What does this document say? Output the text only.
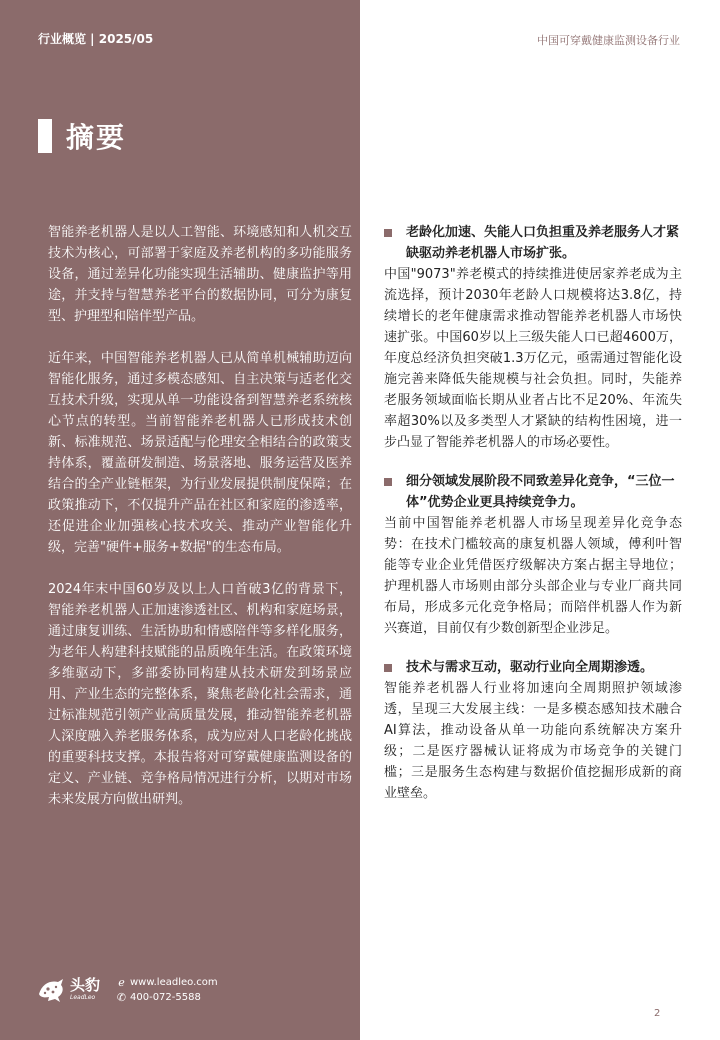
行业概览 | 2025/05
摘要

智能养老机器人是以人工智能、环境感知和人机交互技术为核心，可部署于家庭及养老机构的多功能服务设备，通过差异化功能实现生活辅助、健康监护等用途，并支持与智慧养老平台的数据协同，可分为康复型、护理型和陪伴型产品。

近年来，中国智能养老机器人已从简单机械辅助迈向智能化服务，通过多模态感知、自主决策与适老化交互技术升级，实现从单一功能设备到智慧养老系统核心节点的转型。当前智能养老机器人已形成技术创新、标准规范、场景适配与伦理安全相结合的政策支持体系，覆盖研发制造、场景落地、服务运营及医养结合的全产业链框架，为行业发展提供制度保障；在政策推动下，不仅提升产品在社区和家庭的渗透率，还促进企业加强核心技术攻关、推动产业智能化升级，完善"硬件+服务+数据"的生态布局。

2024年末中国60岁及以上人口首破3亿的背景下，智能养老机器人正加速渗透社区、机构和家庭场景，通过康复训练、生活协助和情感陪伴等多样化服务，为老年人构建科技赋能的品质晚年生活。在政策环境多维驱动下，多部委协同构建从技术研发到场景应用、产业生态的完整体系，聚焦老龄化社会需求，通过标准规范引领产业高质量发展，推动智能养老机器人深度融入养老服务体系，成为应对人口老龄化挑战的重要科技支撑。本报告将对可穿戴健康监测设备的定义、产业链、竞争格局情况进行分析，以期对市场未来发展方向做出研判。

头豹
LeadLeo
ℯ www.leadleo.com
✆ 400-072-5588
中国可穿戴健康监测设备行业
老龄化加速、失能人口负担重及养老服务人才紧缺驱动养老机器人市场扩张。
中国"9073"养老模式的持续推进使居家养老成为主流选择，预计2030年老龄人口规模将达3.8亿，持续增长的老年健康需求推动智能养老机器人市场快速扩张。中国60岁以上三级失能人口已超4600万，年度总经济负担突破1.3万亿元，亟需通过智能化设施完善来降低失能规模与社会负担。同时，失能养老服务领域面临长期从业者占比不足20%、年流失率超30%以及多类型人才紧缺的结构性困境，进一步凸显了智能养老机器人的市场必要性。
细分领域发展阶段不同致差异化竞争，“三位一体”优势企业更具持续竞争力。
当前中国智能养老机器人市场呈现差异化竞争态势：在技术门槛较高的康复机器人领域，傅利叶智能等专业企业凭借医疗级解决方案占据主导地位；护理机器人市场则由部分头部企业与专业厂商共同布局，形成多元化竞争格局；而陪伴机器人作为新兴赛道，目前仅有少数创新型企业涉足。
技术与需求互动，驱动行业向全周期渗透。
智能养老机器人行业将加速向全周期照护领域渗透，呈现三大发展主线：一是多模态感知技术融合AI算法，推动设备从单一功能向系统解决方案升级；二是医疗器械认证将成为市场竞争的关键门槛；三是服务生态构建与数据价值挖掘形成新的商业壁垒。
2
